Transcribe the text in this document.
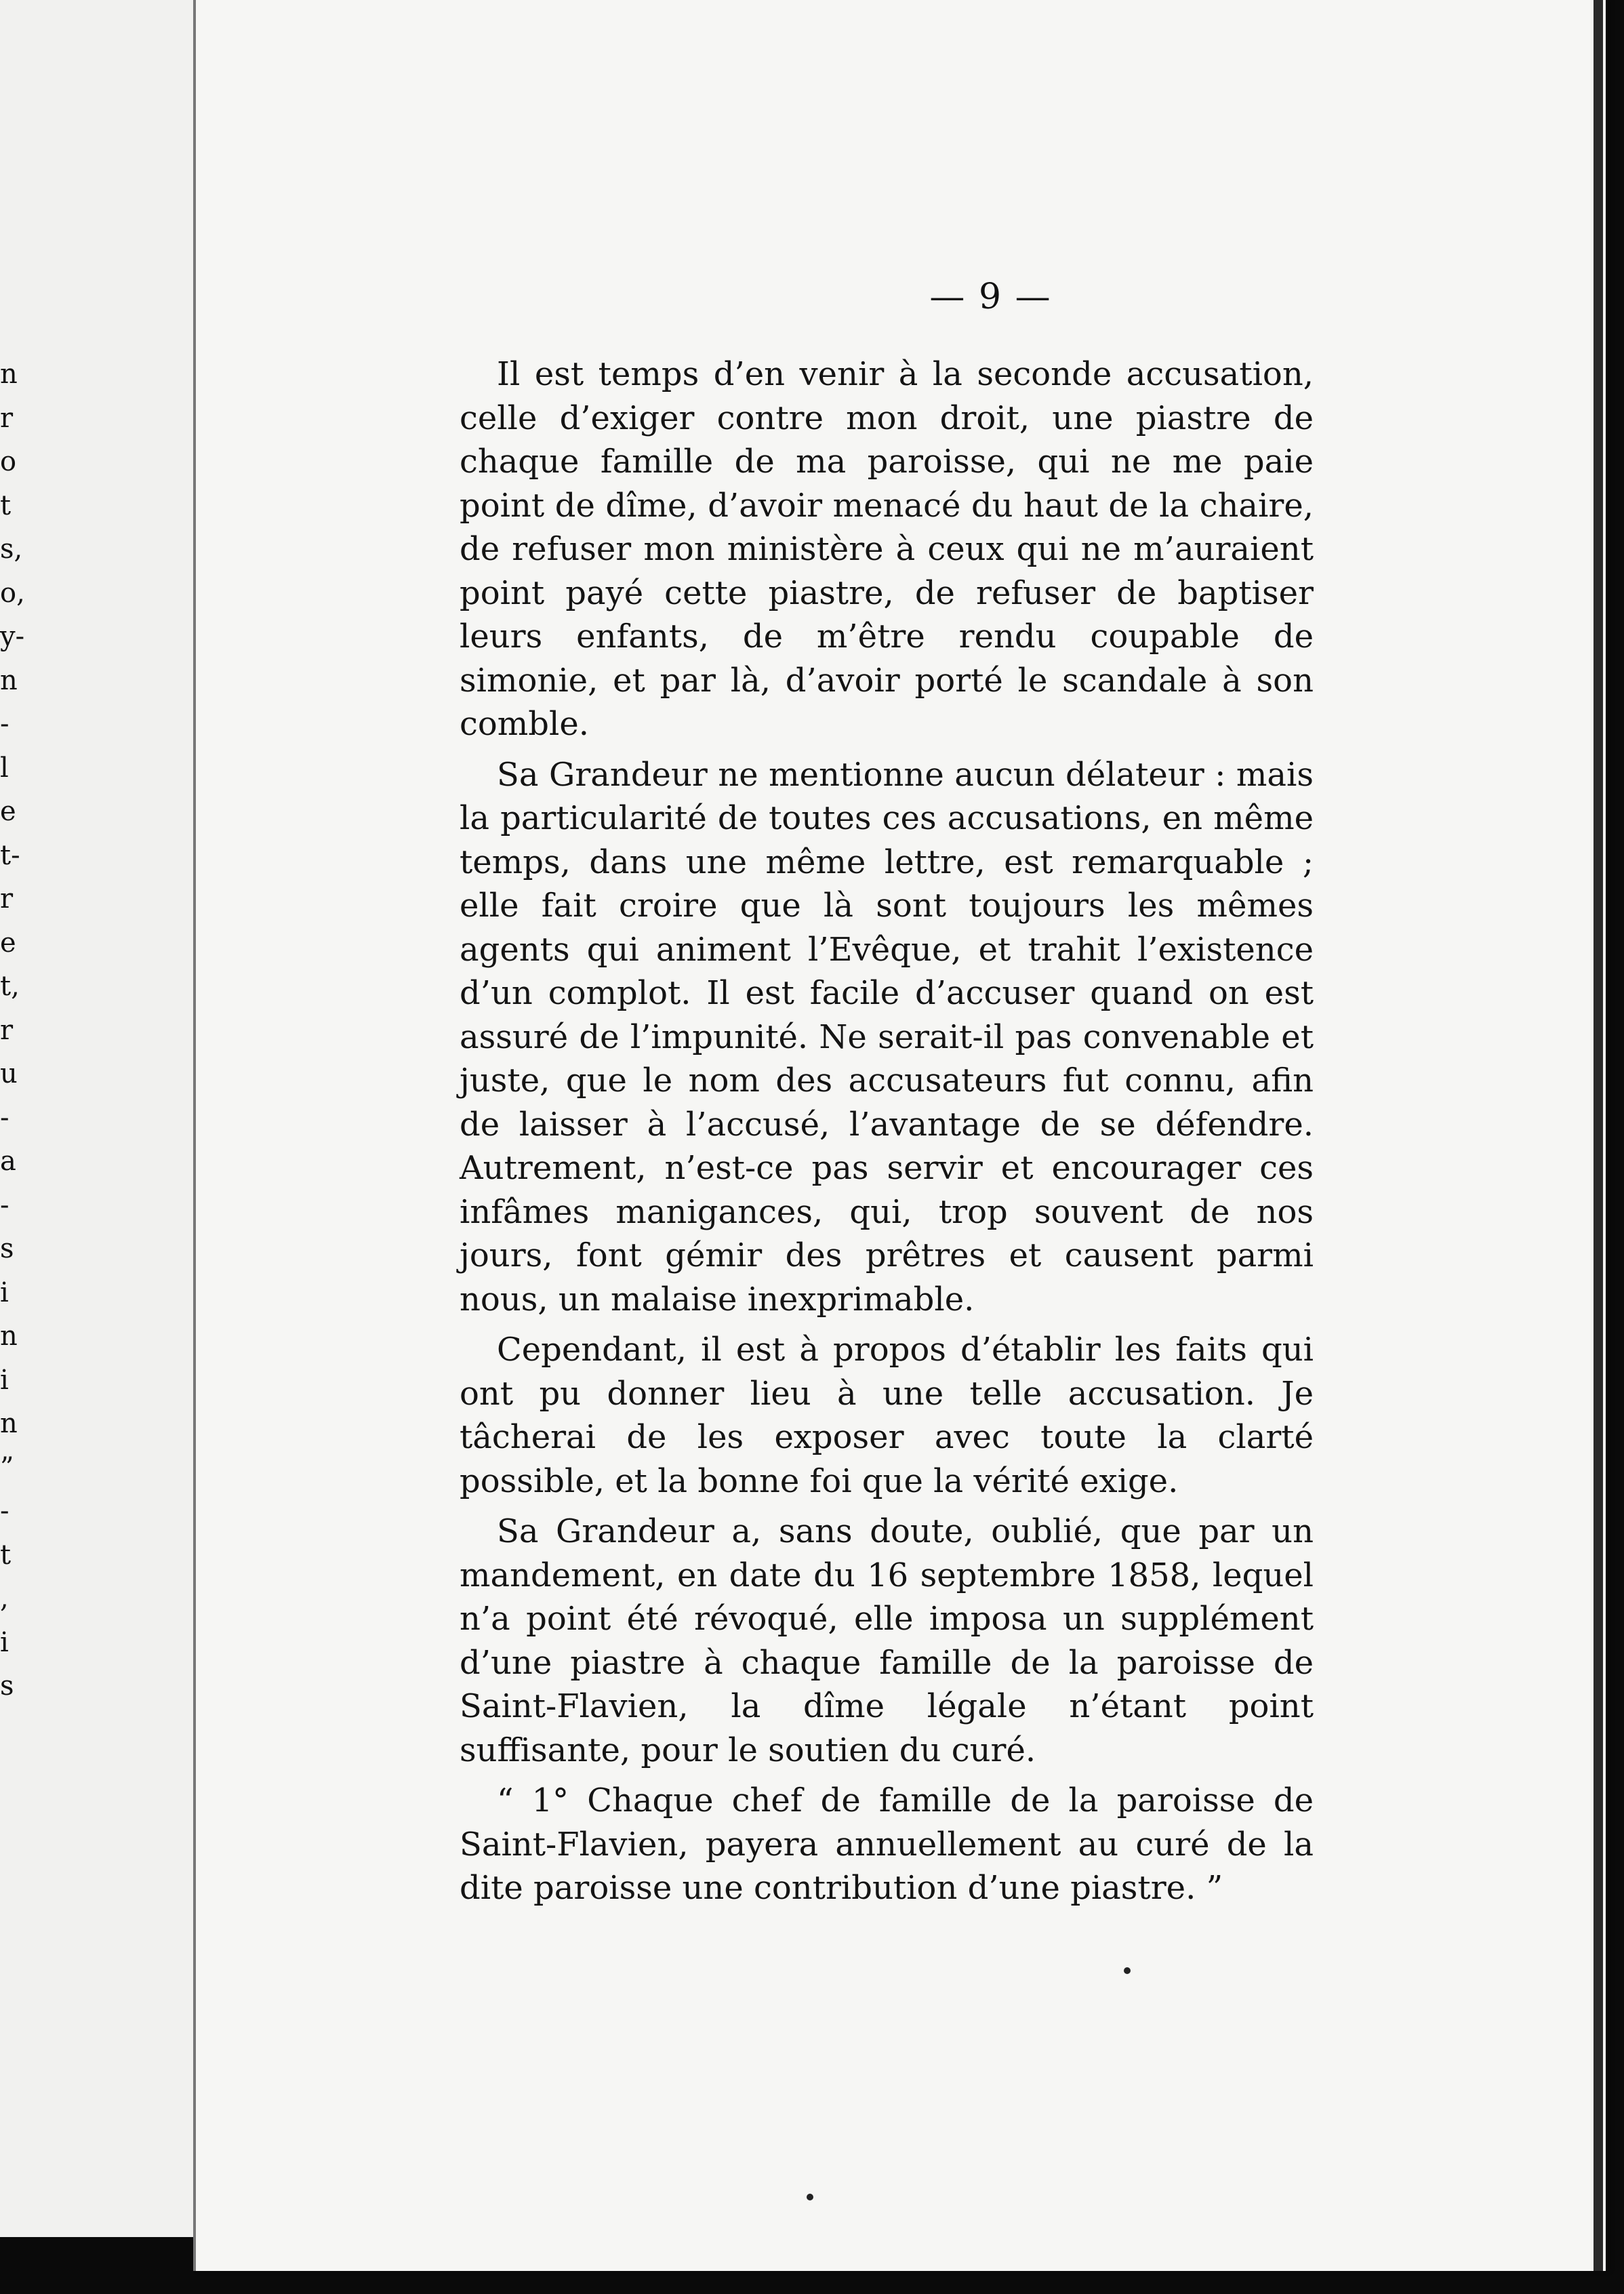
n
r
o
t
s,
o,
y-
n
-
l
e
t-
r
e
t,
r
u
-
a
-
s
i
n
i
n
”
-
t
,
i
s
— 9 —

Il est temps d’en venir à la seconde accusation, celle d’exiger contre mon droit, une piastre de chaque famille de ma paroisse, qui ne me paie point de dîme, d’avoir menacé du haut de la chaire, de refuser mon ministère à ceux qui ne m’auraient point payé cette piastre, de refuser de baptiser leurs enfants, de m’être rendu coupable de simonie, et par là, d’avoir porté le scandale à son comble.

Sa Grandeur ne mentionne aucun délateur : mais la particularité de toutes ces accusations, en même temps, dans une même lettre, est remarquable ; elle fait croire que là sont toujours les mêmes agents qui animent l’Evêque, et trahit l’existence d’un complot. Il est facile d’accuser quand on est assuré de l’impunité. Ne serait-il pas convenable et juste, que le nom des accusateurs fut connu, afin de laisser à l’accusé, l’avantage de se défendre. Autrement, n’est-ce pas servir et encourager ces infâmes manigances, qui, trop souvent de nos jours, font gémir des prêtres et causent parmi nous, un malaise inexprimable.

Cependant, il est à propos d’établir les faits qui ont pu donner lieu à une telle accusation. Je tâcherai de les exposer avec toute la clarté possible, et la bonne foi que la vérité exige.

Sa Grandeur a, sans doute, oublié, que par un mandement, en date du 16 septembre 1858, lequel n’a point été révoqué, elle imposa un supplément d’une piastre à chaque famille de la paroisse de Saint-Flavien, la dîme légale n’étant point suffisante, pour le soutien du curé.

“ 1° Chaque chef de famille de la paroisse de Saint-Flavien, payera annuellement au curé de la dite paroisse une contribution d’une piastre. ”
